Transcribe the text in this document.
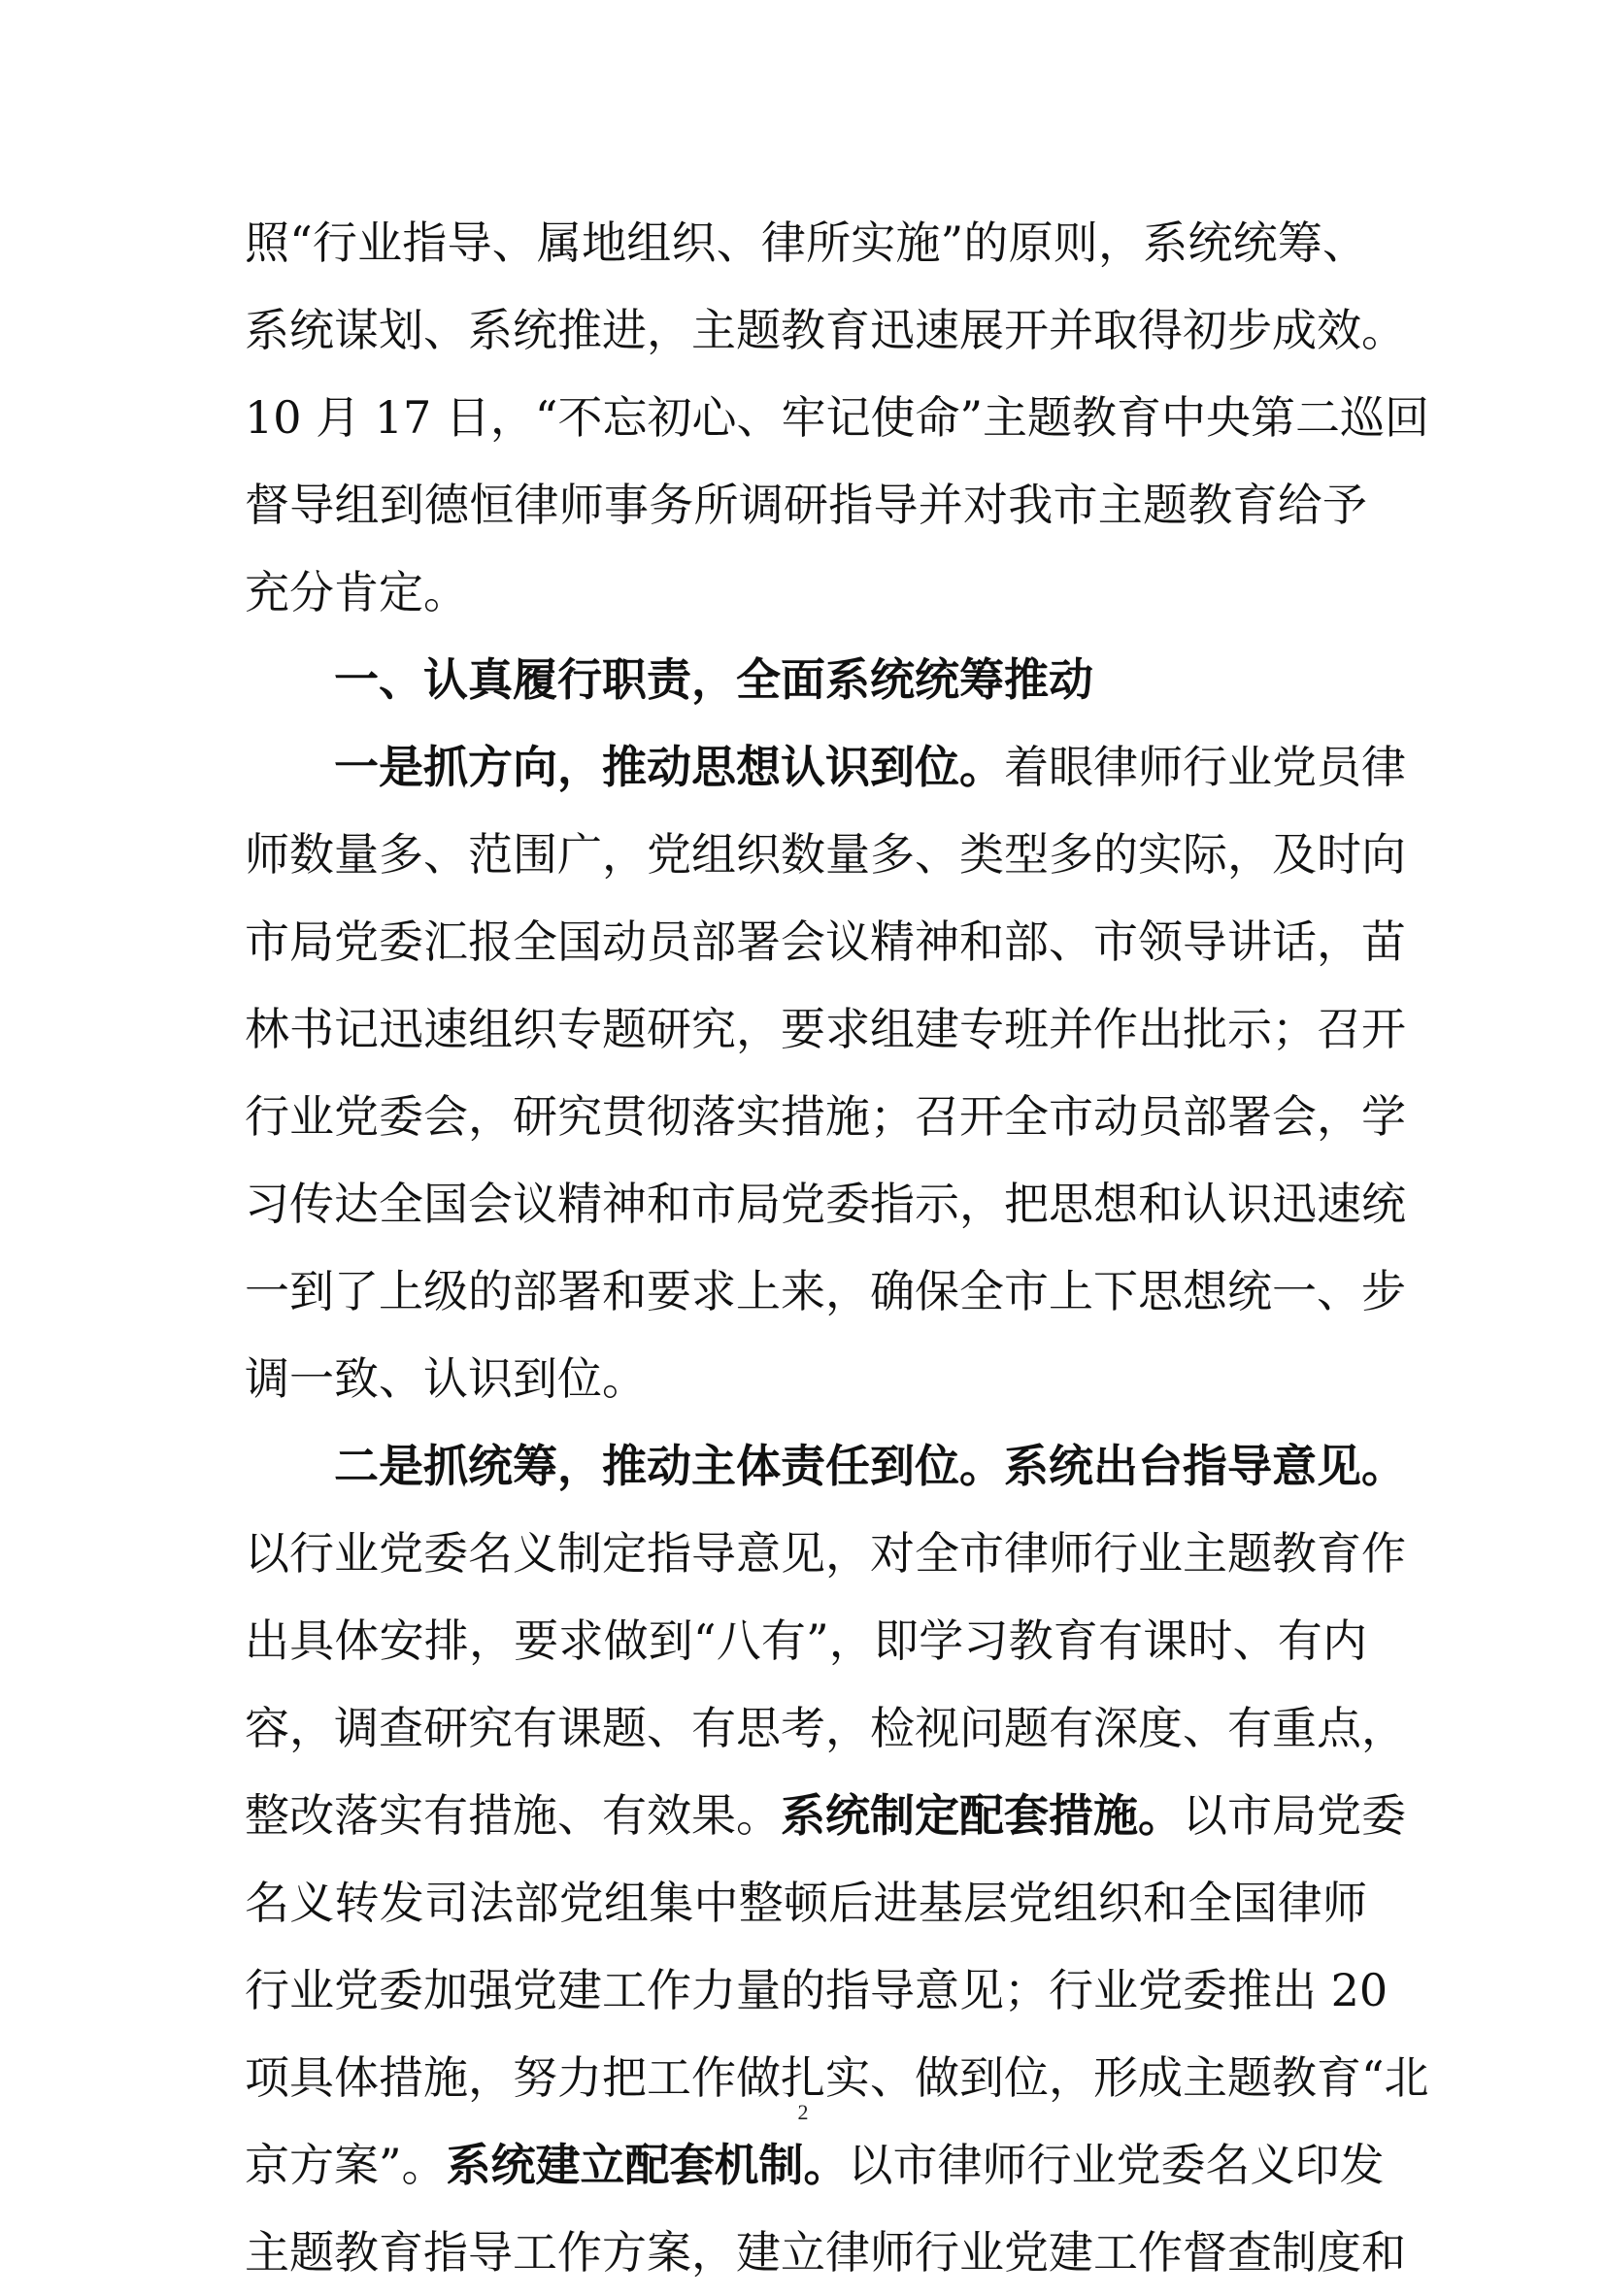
照“行业指导、属地组织、律所实施”的原则，系统统筹、
系统谋划、系统推进，主题教育迅速展开并取得初步成效。
10 月 17 日，“不忘初心、牢记使命”主题教育中央第二巡回
督导组到德恒律师事务所调研指导并对我市主题教育给予
充分肯定。
一、认真履行职责，全面系统统筹推动
一是抓方向，推动思想认识到位。着眼律师行业党员律
师数量多、范围广，党组织数量多、类型多的实际，及时向
市局党委汇报全国动员部署会议精神和部、市领导讲话，苗
林书记迅速组织专题研究，要求组建专班并作出批示；召开
行业党委会，研究贯彻落实措施；召开全市动员部署会，学
习传达全国会议精神和市局党委指示，把思想和认识迅速统
一到了上级的部署和要求上来，确保全市上下思想统一、步
调一致、认识到位。
二是抓统筹，推动主体责任到位。系统出台指导意见。
以行业党委名义制定指导意见，对全市律师行业主题教育作
出具体安排，要求做到“八有”，即学习教育有课时、有内
容，调查研究有课题、有思考，检视问题有深度、有重点，
整改落实有措施、有效果。系统制定配套措施。以市局党委
名义转发司法部党组集中整顿后进基层党组织和全国律师
行业党委加强党建工作力量的指导意见；行业党委推出 20
项具体措施，努力把工作做扎实、做到位，形成主题教育“北
京方案”。系统建立配套机制。以市律师行业党委名义印发
主题教育指导工作方案，建立律师行业党建工作督查制度和
2
